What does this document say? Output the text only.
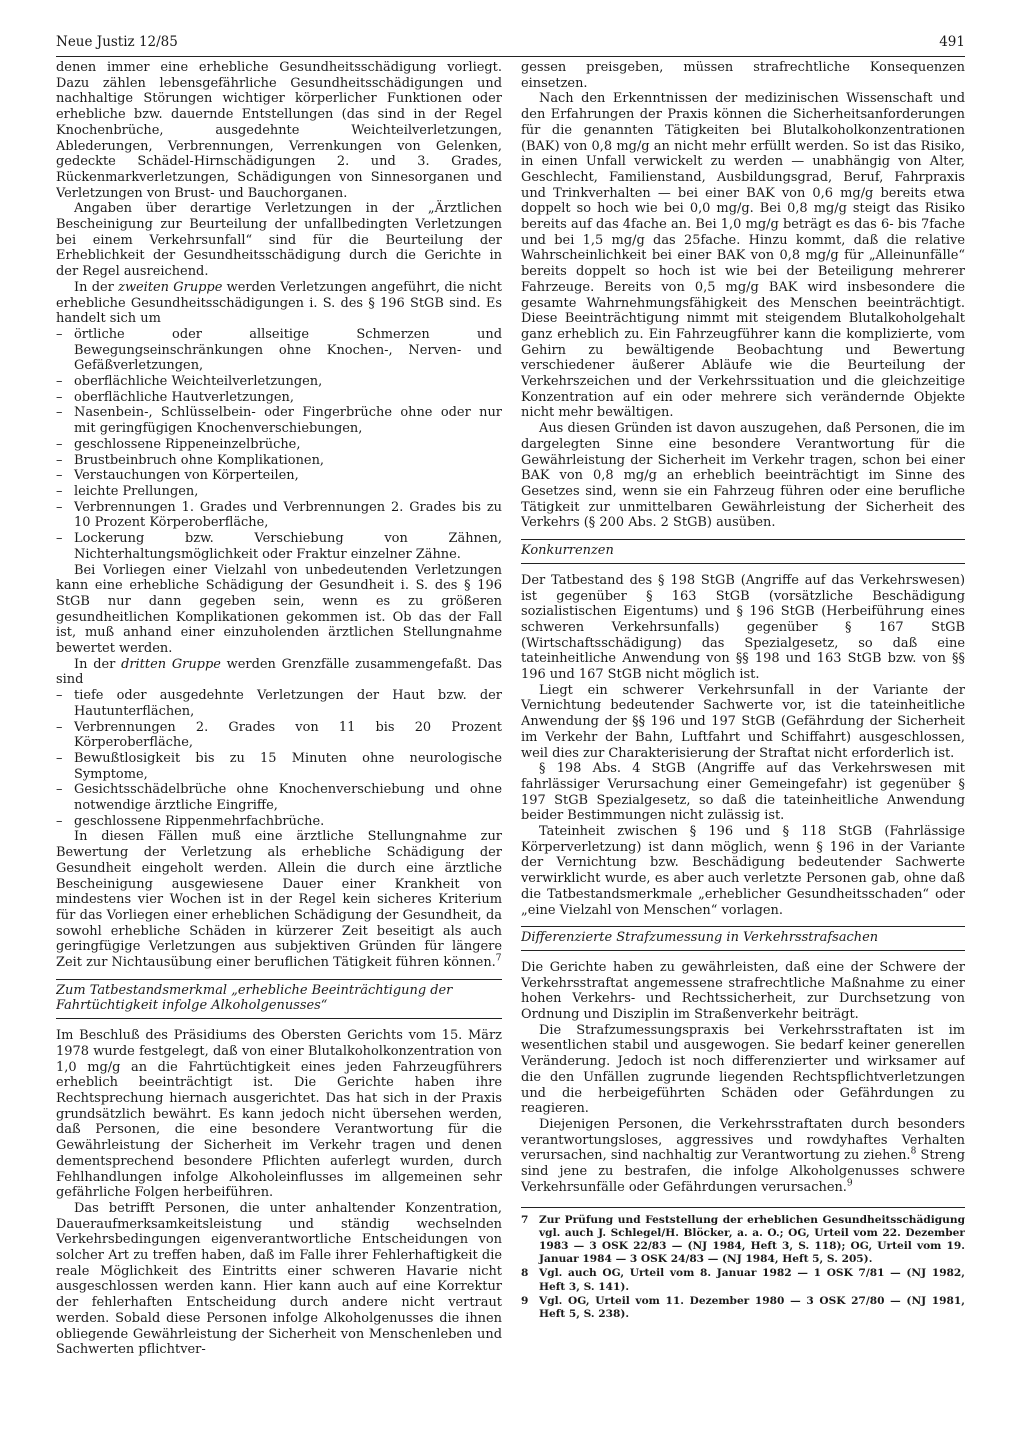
Neue Justiz 12/85	491

denen immer eine erhebliche Gesundheitsschädigung vorliegt. Dazu zählen lebensgefährliche Gesundheitsschädigungen und nachhaltige Störungen wichtiger körperlicher Funktionen oder erhebliche bzw. dauernde Entstellungen (das sind in der Regel Knochenbrüche, ausgedehnte Weichteilverletzungen, Ablederungen, Verbrennungen, Verrenkungen von Gelenken, gedeckte Schädel-Hirnschädigungen 2. und 3. Grades, Rückenmarkverletzungen, Schädigungen von Sinnesorganen und Verletzungen von Brust- und Bauchorganen.

Angaben über derartige Verletzungen in der „Ärztlichen Bescheinigung zur Beurteilung der unfallbedingten Verletzungen bei einem Verkehrsunfall“ sind für die Beurteilung der Erheblichkeit der Gesundheitsschädigung durch die Gerichte in der Regel ausreichend.

In der zweiten Gruppe werden Verletzungen angeführt, die nicht erhebliche Gesundheitsschädigungen i. S. des § 196 StGB sind. Es handelt sich um

– örtliche oder allseitige Schmerzen und Bewegungseinschränkungen ohne Knochen-, Nerven- und Gefäßverletzungen,
– oberflächliche Weichteilverletzungen,
– oberflächliche Hautverletzungen,
– Nasenbein-, Schlüsselbein- oder Fingerbrüche ohne oder nur mit geringfügigen Knochenverschiebungen,
– geschlossene Rippeneinzelbrüche,
– Brustbeinbruch ohne Komplikationen,
– Verstauchungen von Körperteilen,
– leichte Prellungen,
– Verbrennungen 1. Grades und Verbrennungen 2. Grades bis zu 10 Prozent Körperoberfläche,
– Lockerung bzw. Verschiebung von Zähnen, Nichterhaltungsmöglichkeit oder Fraktur einzelner Zähne.

Bei Vorliegen einer Vielzahl von unbedeutenden Verletzungen kann eine erhebliche Schädigung der Gesundheit i. S. des § 196 StGB nur dann gegeben sein, wenn es zu größeren gesundheitlichen Komplikationen gekommen ist. Ob das der Fall ist, muß anhand einer einzuholenden ärztlichen Stellungnahme bewertet werden.

In der dritten Gruppe werden Grenzfälle zusammengefaßt. Das sind

– tiefe oder ausgedehnte Verletzungen der Haut bzw. der Hautunterflächen,
– Verbrennungen 2. Grades von 11 bis 20 Prozent Körperoberfläche,
– Bewußtlosigkeit bis zu 15 Minuten ohne neurologische Symptome,
– Gesichtsschädelbrüche ohne Knochenverschiebung und ohne notwendige ärztliche Eingriffe,
– geschlossene Rippenmehrfachbrüche.

In diesen Fällen muß eine ärztliche Stellungnahme zur Bewertung der Verletzung als erhebliche Schädigung der Gesundheit eingeholt werden. Allein die durch eine ärztliche Bescheinigung ausgewiesene Dauer einer Krankheit von mindestens vier Wochen ist in der Regel kein sicheres Kriterium für das Vorliegen einer erheblichen Schädigung der Gesundheit, da sowohl erhebliche Schäden in kürzerer Zeit beseitigt als auch geringfügige Verletzungen aus subjektiven Gründen für längere Zeit zur Nichtausübung einer beruflichen Tätigkeit führen können.$^7$

Zum Tatbestandsmerkmal „erhebliche Beeinträchtigung der Fahrtüchtigkeit infolge Alkoholgenusses“

Im Beschluß des Präsidiums des Obersten Gerichts vom 15. März 1978 wurde festgelegt, daß von einer Blutalkoholkonzentration von 1,0 mg/g an die Fahrtüchtigkeit eines jeden Fahrzeugführers erheblich beeinträchtigt ist. Die Gerichte haben ihre Rechtsprechung hiernach ausgerichtet. Das hat sich in der Praxis grundsätzlich bewährt. Es kann jedoch nicht übersehen werden, daß Personen, die eine besondere Verantwortung für die Gewährleistung der Sicherheit im Verkehr tragen und denen dementsprechend besondere Pflichten auferlegt wurden, durch Fehlhandlungen infolge Alkoholeinflusses im allgemeinen sehr gefährliche Folgen herbeiführen.

Das betrifft Personen, die unter anhaltender Konzentration, Daueraufmerksamkeitsleistung und ständig wechselnden Verkehrsbedingungen eigenverantwortliche Entscheidungen von solcher Art zu treffen haben, daß im Falle ihrer Fehlerhaftigkeit die reale Möglichkeit des Eintritts einer schweren Havarie nicht ausgeschlossen werden kann. Hier kann auch auf eine Korrektur der fehlerhaften Entscheidung durch andere nicht vertraut werden. Sobald diese Personen infolge Alkoholgenusses die ihnen obliegende Gewährleistung der Sicherheit von Menschenleben und Sachwerten pflichtver-

gessen preisgeben, müssen strafrechtliche Konsequenzen einsetzen.

Nach den Erkenntnissen der medizinischen Wissenschaft und den Erfahrungen der Praxis können die Sicherheitsanforderungen für die genannten Tätigkeiten bei Blutalkoholkonzentrationen (BAK) von 0,8 mg/g an nicht mehr erfüllt werden. So ist das Risiko, in einen Unfall verwickelt zu werden — unabhängig von Alter, Geschlecht, Familienstand, Ausbildungsgrad, Beruf, Fahrpraxis und Trinkverhalten — bei einer BAK von 0,6 mg/g bereits etwa doppelt so hoch wie bei 0,0 mg/g. Bei 0,8 mg/g steigt das Risiko bereits auf das 4fache an. Bei 1,0 mg/g beträgt es das 6- bis 7fache und bei 1,5 mg/g das 25fache. Hinzu kommt, daß die relative Wahrscheinlichkeit bei einer BAK von 0,8 mg/g für „Alleinunfälle“ bereits doppelt so hoch ist wie bei der Beteiligung mehrerer Fahrzeuge. Bereits von 0,5 mg/g BAK wird insbesondere die gesamte Wahrnehmungsfähigkeit des Menschen beeinträchtigt. Diese Beeinträchtigung nimmt mit steigendem Blutalkoholgehalt ganz erheblich zu. Ein Fahrzeugführer kann die komplizierte, vom Gehirn zu bewältigende Beobachtung und Bewertung verschiedener äußerer Abläufe wie die Beurteilung der Verkehrszeichen und der Verkehrssituation und die gleichzeitige Konzentration auf ein oder mehrere sich verändernde Objekte nicht mehr bewältigen.

Aus diesen Gründen ist davon auszugehen, daß Personen, die im dargelegten Sinne eine besondere Verantwortung für die Gewährleistung der Sicherheit im Verkehr tragen, schon bei einer BAK von 0,8 mg/g an erheblich beeinträchtigt im Sinne des Gesetzes sind, wenn sie ein Fahrzeug führen oder eine berufliche Tätigkeit zur unmittelbaren Gewährleistung der Sicherheit des Verkehrs (§ 200 Abs. 2 StGB) ausüben.

Konkurrenzen

Der Tatbestand des § 198 StGB (Angriffe auf das Verkehrswesen) ist gegenüber § 163 StGB (vorsätzliche Beschädigung sozialistischen Eigentums) und § 196 StGB (Herbeiführung eines schweren Verkehrsunfalls) gegenüber § 167 StGB (Wirtschaftsschädigung) das Spezialgesetz, so daß eine tateinheitliche Anwendung von §§ 198 und 163 StGB bzw. von §§ 196 und 167 StGB nicht möglich ist.

Liegt ein schwerer Verkehrsunfall in der Variante der Vernichtung bedeutender Sachwerte vor, ist die tateinheitliche Anwendung der §§ 196 und 197 StGB (Gefährdung der Sicherheit im Verkehr der Bahn, Luftfahrt und Schiffahrt) ausgeschlossen, weil dies zur Charakterisierung der Straftat nicht erforderlich ist.

§ 198 Abs. 4 StGB (Angriffe auf das Verkehrswesen mit fahrlässiger Verursachung einer Gemeingefahr) ist gegenüber § 197 StGB Spezialgesetz, so daß die tateinheitliche Anwendung beider Bestimmungen nicht zulässig ist.

Tateinheit zwischen § 196 und § 118 StGB (Fahrlässige Körperverletzung) ist dann möglich, wenn § 196 in der Variante der Vernichtung bzw. Beschädigung bedeutender Sachwerte verwirklicht wurde, es aber auch verletzte Personen gab, ohne daß die Tatbestandsmerkmale „erheblicher Gesundheitsschaden“ oder „eine Vielzahl von Menschen“ vorlagen.

Differenzierte Strafzumessung in Verkehrsstrafsachen

Die Gerichte haben zu gewährleisten, daß eine der Schwere der Verkehrsstraftat angemessene strafrechtliche Maßnahme zu einer hohen Verkehrs- und Rechtssicherheit, zur Durchsetzung von Ordnung und Disziplin im Straßenverkehr beiträgt.

Die Strafzumessungspraxis bei Verkehrsstraftaten ist im wesentlichen stabil und ausgewogen. Sie bedarf keiner generellen Veränderung. Jedoch ist noch differenzierter und wirksamer auf die den Unfällen zugrunde liegenden Rechtspflichtverletzungen und die herbeigeführten Schäden oder Gefährdungen zu reagieren.

Diejenigen Personen, die Verkehrsstraftaten durch besonders verantwortungsloses, aggressives und rowdyhaftes Verhalten verursachen, sind nachhaltig zur Verantwortung zu ziehen.$^8$ Streng sind jene zu bestrafen, die infolge Alkoholgenusses schwere Verkehrsunfälle oder Gefährdungen verursachen.$^9$

7 Zur Prüfung und Feststellung der erheblichen Gesundheitsschädigung vgl. auch J. Schlegel/H. Blöcker, a. a. O.; OG, Urteil vom 22. Dezember 1983 — 3 OSK 22/83 — (NJ 1984, Heft 3, S. 118); OG, Urteil vom 19. Januar 1984 — 3 OSK 24/83 — (NJ 1984, Heft 5, S. 205).
8 Vgl. auch OG, Urteil vom 8. Januar 1982 — 1 OSK 7/81 — (NJ 1982, Heft 3, S. 141).
9 Vgl. OG, Urteil vom 11. Dezember 1980 — 3 OSK 27/80 — (NJ 1981, Heft 5, S. 238).
